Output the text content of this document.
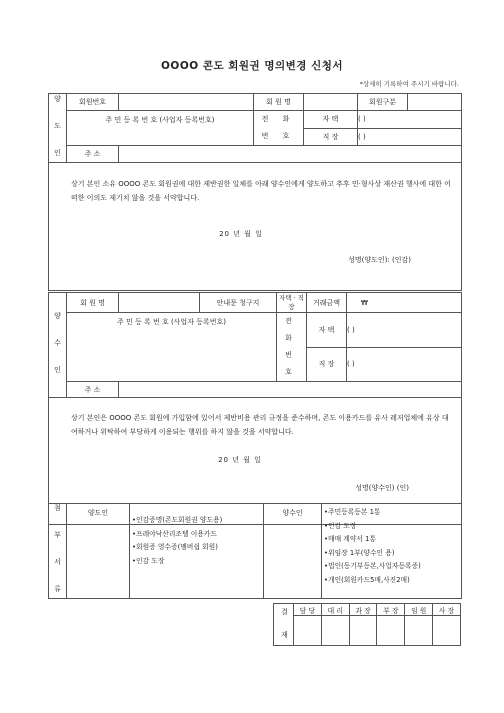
OOOO 콘도 회원권 명의변경 신청서
*상세히 기록하여 주시기 바랍니다.
양 도 인	회원번호		회 원 명		회원구분	
	주 민 등 록 번 호 (사업자 등록번호)		전 화 번 호	자 택	( )	
				직 장	( )	
	주 소					

상기 본인 소유 OOOO 콘도 회원권에 대한 제반권한 일체를 아래 양수인에게 양도하고 추후 민·형사상 재산권 행사에 대한 어떠한 이의도 제기치 않을 것을 서약합니다.

20 년 월 일

성명(양도인): (인감)						

양 수 인	회 원 명		안내문 청구지	자택 · 직장	거래금액	₩
	주 민 등 록 번 호 (사업자 등록번호)			전 화 번 호	자 택	( )
					직 장	( )
	주 소					

상기 본인은 OOOO 콘도 회원에 가입함에 있어서 제반비용 관리 규정을 준수하며, 콘도 이용카드를 유사 레저업체에 유상 대여하거나 위탁하여 부당하게 이용되는 행위를 하지 않을 것을 서약합니다.

20 년 월 일

성명(양수인) (인)						

첨 부 서 류	양도인	
•인감증명(콘도회원권 양도용)
•프레야낙산리조텔 이용카드
•회원증 영수증(멤버쉽 회원)
•인감 도장
	양수인	•주민등록등본 1통
•인감 도장
•매매 계약서 1통
•위임장 1부(양수인 용)
•법인(등기부등본,사업자등록증)
•개인(회원카드5매,사진2매)
결 재	담 당	대 리	과 장	부 장	임 원	사 장
